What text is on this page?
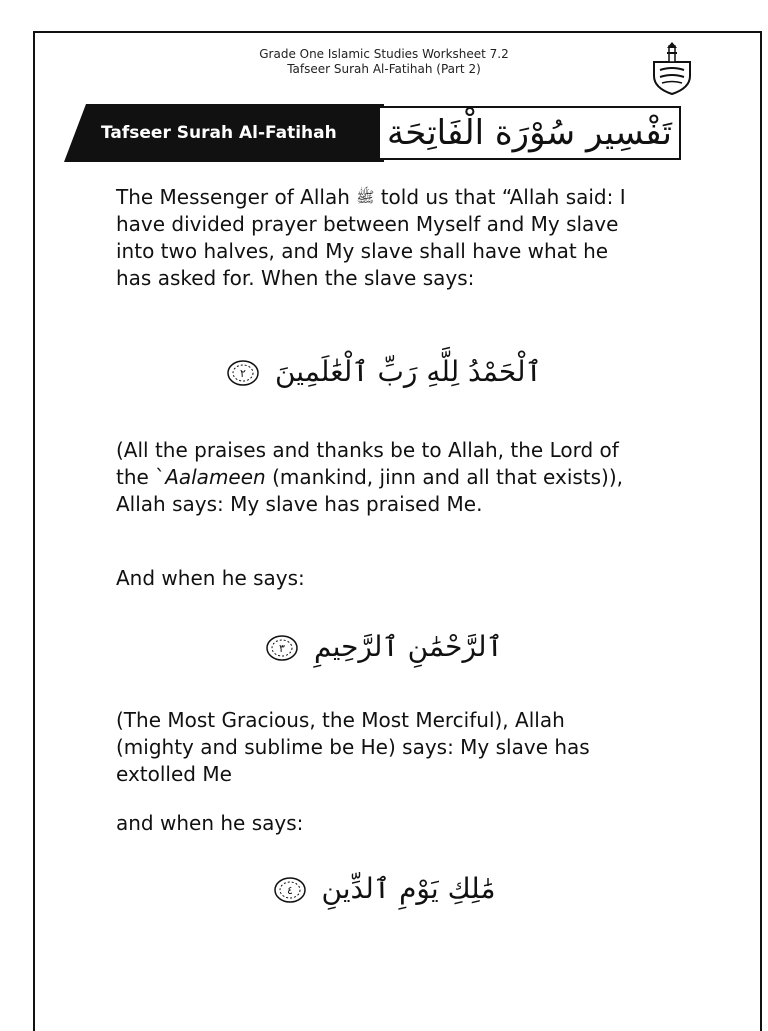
Grade One Islamic Studies Worksheet 7.2
Tafseer Surah Al-Fatihah (Part 2)
Tafseer Surah Al-Fatihah تَفْسِير سُوْرَة الْفَاتِحَة
The Messenger of Allah ﷺ told us that “Allah said: I have divided prayer between Myself and My slave into two halves, and My slave shall have what he has asked for. When the slave says:
ٱلْحَمْدُ لِلَّهِ رَبِّ ٱلْعَٰلَمِينَ
٢
(All the praises and thanks be to Allah, the Lord of the `Aalameen (mankind, jinn and all that exists)), Allah says: My slave has praised Me.
And when he says:
ٱلرَّحْمَٰنِ ٱلرَّحِيمِ
٣
(The Most Gracious, the Most Merciful), Allah (mighty and sublime be He) says: My slave has extolled Me
and when he says:
مَٰلِكِ يَوْمِ ٱلدِّينِ
٤
